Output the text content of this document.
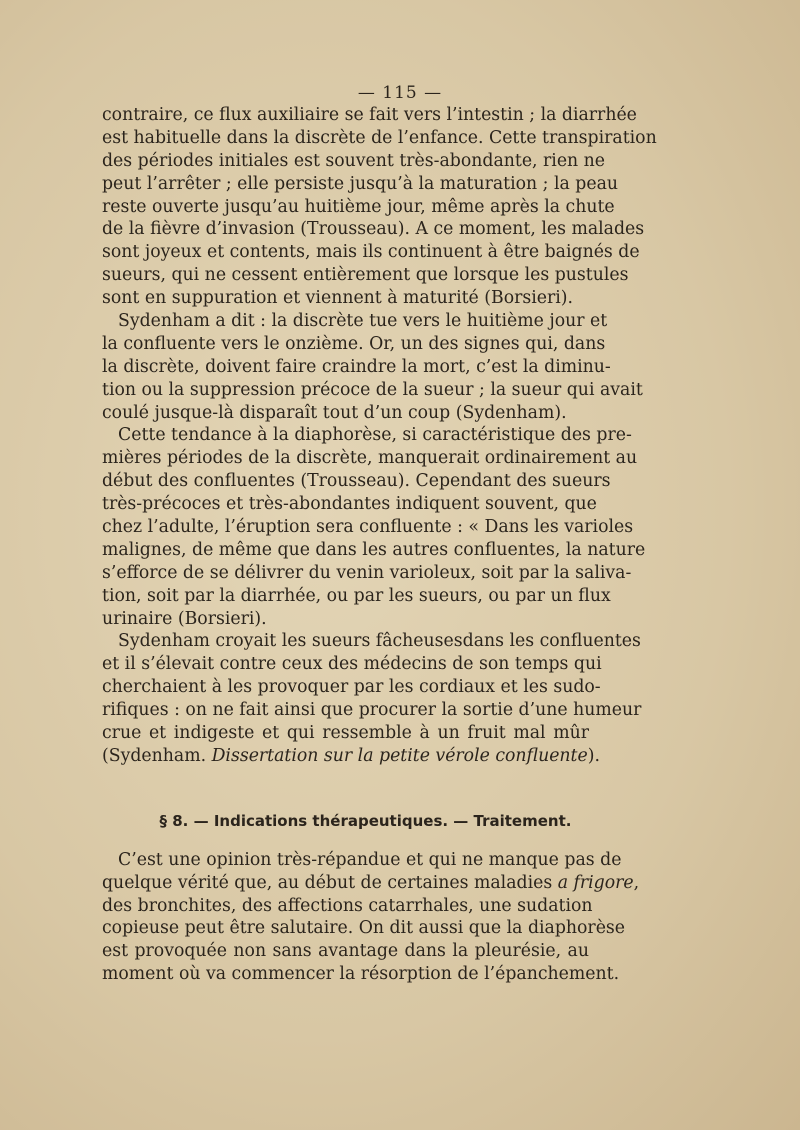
— 115 —
contraire, ce flux auxiliaire se fait vers l’intestin ; la diarrhée
est habituelle dans la discrète de l’enfance. Cette transpiration
des périodes initiales est souvent très-abondante, rien ne
peut l’arrêter ; elle persiste jusqu’à la maturation ; la peau
reste ouverte jusqu’au huitième jour, même après la chute
de la fièvre d’invasion (Trousseau). A ce moment, les malades
sont joyeux et contents, mais ils continuent à être baignés de
sueurs, qui ne cessent entièrement que lorsque les pustules
sont en suppuration et viennent à maturité (Borsieri).
Sydenham a dit : la discrète tue vers le huitième jour et
la confluente vers le onzième. Or, un des signes qui, dans
la discrète, doivent faire craindre la mort, c’est la diminu-
tion ou la suppression précoce de la sueur ; la sueur qui avait
coulé jusque-là disparaît tout d’un coup (Sydenham).
Cette tendance à la diaphorèse, si caractéristique des pre-
mières périodes de la discrète, manquerait ordinairement au
début des confluentes (Trousseau). Cependant des sueurs
très-précoces et très-abondantes indiquent souvent, que
chez l’adulte, l’éruption sera confluente : « Dans les varioles
malignes, de même que dans les autres confluentes, la nature
s’efforce de se délivrer du venin varioleux, soit par la saliva-
tion, soit par la diarrhée, ou par les sueurs, ou par un flux
urinaire (Borsieri).
Sydenham croyait les sueurs fâcheusesdans les confluentes
et il s’élevait contre ceux des médecins de son temps qui
cherchaient à les provoquer par les cordiaux et les sudo-
rifiques : on ne fait ainsi que procurer la sortie d’une humeur
crue et indigeste et qui ressemble à un fruit mal mûr
(Sydenham. Dissertation sur la petite vérole confluente).
§ 8. — Indications thérapeutiques. — Traitement.
C’est une opinion très-répandue et qui ne manque pas de
quelque vérité que, au début de certaines maladies a frigore,
des bronchites, des affections catarrhales, une sudation
copieuse peut être salutaire. On dit aussi que la diaphorèse
est provoquée non sans avantage dans la pleurésie, au
moment où va commencer la résorption de l’épanchement.
